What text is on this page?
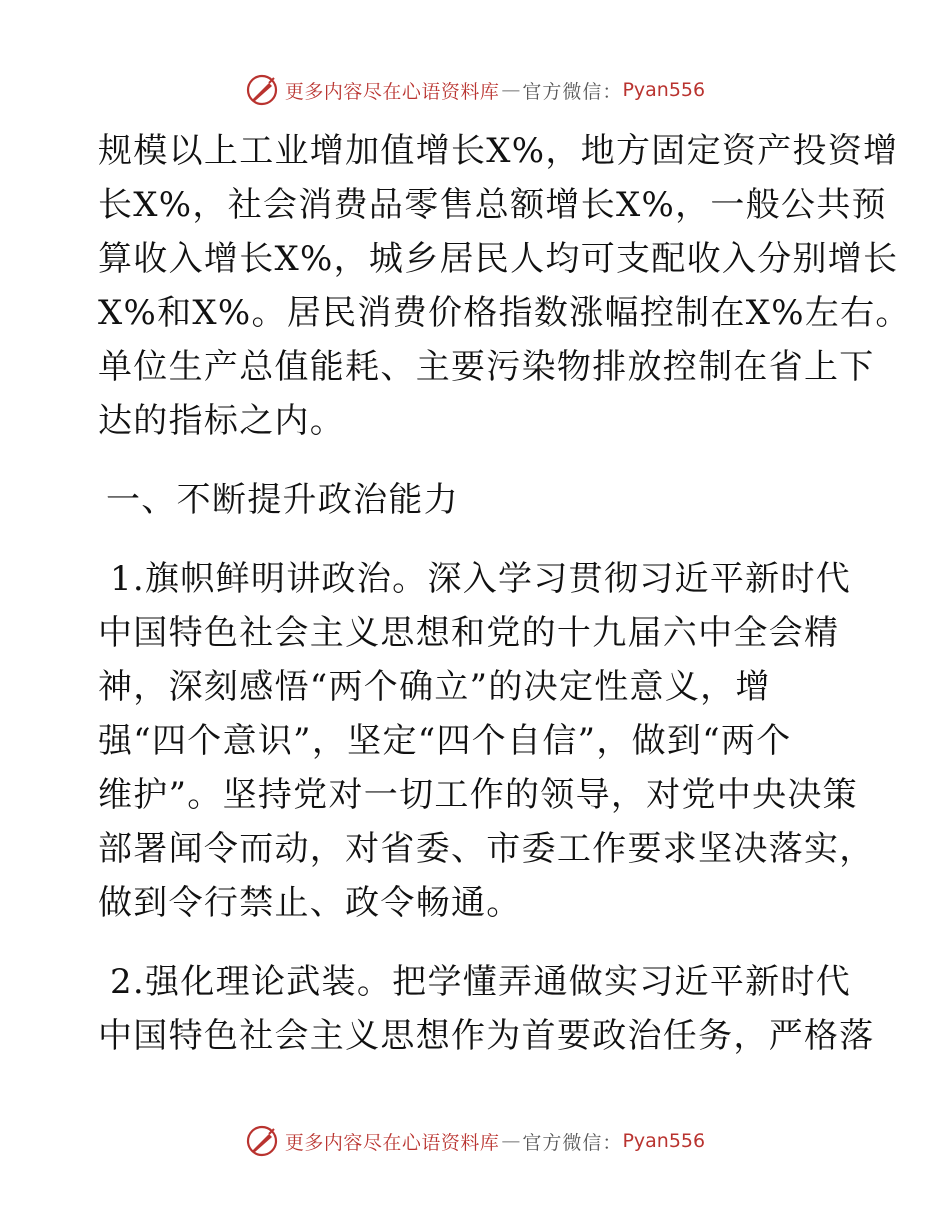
更多内容尽在心语资料库 — 官方微信： Pyan556
规模以上工业增加值增长X%，地方固定资产投资增
长X%，社会消费品零售总额增长X%，一般公共预
算收入增长X%，城乡居民人均可支配收入分别增长
X%和X%。居民消费价格指数涨幅控制在X%左右。
单位生产总值能耗、主要污染物排放控制在省上下
达的指标之内。
一、不断提升政治能力
1.旗帜鲜明讲政治。深入学习贯彻习近平新时代
中国特色社会主义思想和党的十九届六中全会精
神，深刻感悟“两个确立”的决定性意义，增
强“四个意识”，坚定“四个自信”，做到“两个
维护”。坚持党对一切工作的领导，对党中央决策
部署闻令而动，对省委、市委工作要求坚决落实，
做到令行禁止、政令畅通。
2.强化理论武装。把学懂弄通做实习近平新时代
中国特色社会主义思想作为首要政治任务，严格落
更多内容尽在心语资料库 — 官方微信： Pyan556
